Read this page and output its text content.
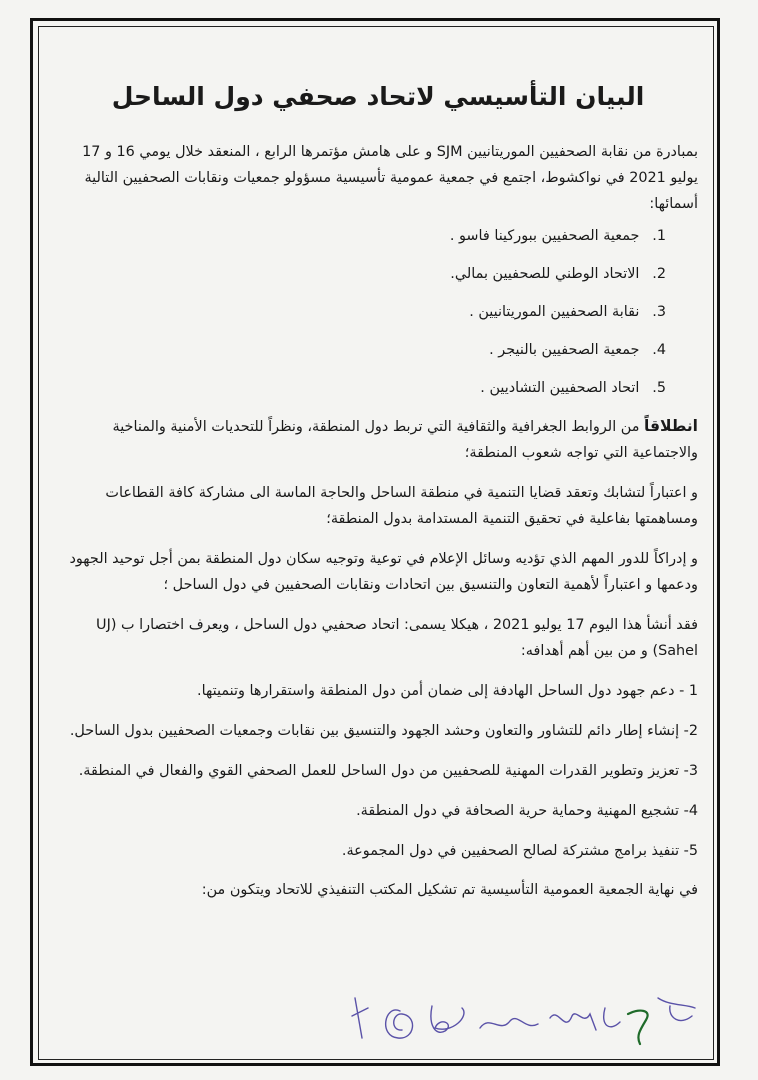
البيان التأسيسي لاتحاد صحفي دول الساحل

بمبادرة من نقابة الصحفيين الموريتانيين SJM و على هامش مؤتمرها الرابع ، المنعقد خلال يومي 16 و 17 يوليو 2021 في نواكشوط، اجتمع في جمعية عمومية تأسيسية مسؤولو جمعيات ونقابات الصحفيين التالية أسمائها:

1. جمعية الصحفيين ببوركينا فاسو .
2. الاتحاد الوطني للصحفيين بمالي.
3. نقابة الصحفيين الموريتانيين .
4. جمعية الصحفيين بالنيجر .
5. اتحاد الصحفيين التشاديين .

انطلاقاً من الروابط الجغرافية والثقافية التي تربط دول المنطقة، ونظراً للتحديات الأمنية والمناخية والاجتماعية التي تواجه شعوب المنطقة؛

و اعتباراً لتشابك وتعقد قضايا التنمية في منطقة الساحل والحاجة الماسة الى مشاركة كافة القطاعات ومساهمتها بفاعلية في تحقيق التنمية المستدامة بدول المنطقة؛

و إدراكاً للدور المهم الذي تؤديه وسائل الإعلام في توعية وتوجيه سكان دول المنطقة بمن أجل توحيد الجهود ودعمها و اعتباراً لأهمية التعاون والتنسيق بين اتحادات ونقابات الصحفيين في دول الساحل ؛

فقد أنشأ هذا اليوم 17 يوليو 2021 ، هيكلا يسمى: اتحاد صحفيي دول الساحل ، ويعرف اختصارا ب (UJ Sahel) و من بين أهم أهدافه:

1 - دعم جهود دول الساحل الهادفة إلى ضمان أمن دول المنطقة واستقرارها وتنميتها.
2- إنشاء إطار دائم للتشاور والتعاون وحشد الجهود والتنسيق بين نقابات وجمعيات الصحفيين بدول الساحل.
3- تعزيز وتطوير القدرات المهنية للصحفيين من دول الساحل للعمل الصحفي القوي والفعال في المنطقة.
4- تشجيع المهنية وحماية حرية الصحافة في دول المنطقة.
5- تنفيذ برامج مشتركة لصالح الصحفيين في دول المجموعة.

في نهاية الجمعية العمومية التأسيسية تم تشكيل المكتب التنفيذي للاتحاد ويتكون من:
